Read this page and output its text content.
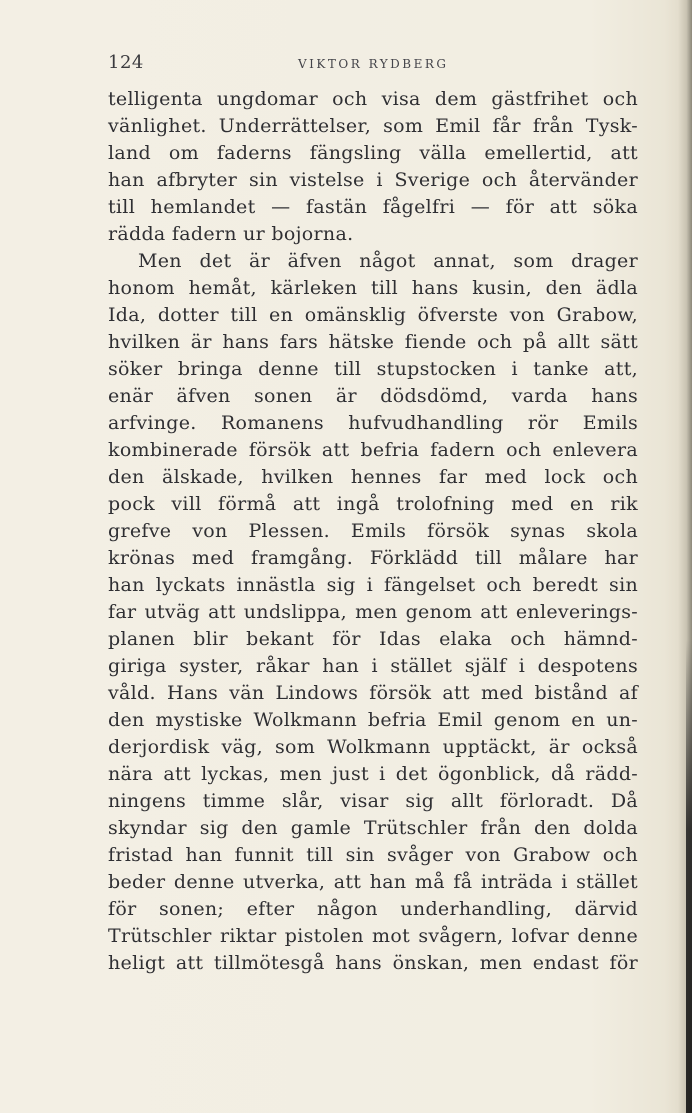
124	VIKTOR RYDBERG
telligenta ungdomar och visa dem gästfrihet och
vänlighet. Underrättelser, som Emil får från Tysk-
land om faderns fängsling välla emellertid, att
han afbryter sin vistelse i Sverige och återvänder
till hemlandet — fastän fågelfri — för att söka
rädda fadern ur bojorna.
Men det är äfven något annat, som drager
honom hemåt, kärleken till hans kusin, den ädla
Ida, dotter till en omänsklig öfverste von Grabow,
hvilken är hans fars hätske fiende och på allt sätt
söker bringa denne till stupstocken i tanke att,
enär äfven sonen är dödsdömd, varda hans
arfvinge. Romanens hufvudhandling rör Emils
kombinerade försök att befria fadern och enlevera
den älskade, hvilken hennes far med lock och
pock vill förmå att ingå trolofning med en rik
grefve von Plessen. Emils försök synas skola
krönas med framgång. Förklädd till målare har
han lyckats innästla sig i fängelset och beredt sin
far utväg att undslippa, men genom att enleverings-
planen blir bekant för Idas elaka och hämnd-
giriga syster, råkar han i stället själf i despotens
våld. Hans vän Lindows försök att med bistånd af
den mystiske Wolkmann befria Emil genom en un-
derjordisk väg, som Wolkmann upptäckt, är också
nära att lyckas, men just i det ögonblick, då rädd-
ningens timme slår, visar sig allt förloradt. Då
skyndar sig den gamle Trütschler från den dolda
fristad han funnit till sin svåger von Grabow och
beder denne utverka, att han må få inträda i stället
för sonen; efter någon underhandling, därvid
Trütschler riktar pistolen mot svågern, lofvar denne
heligt att tillmötesgå hans önskan, men endast för
